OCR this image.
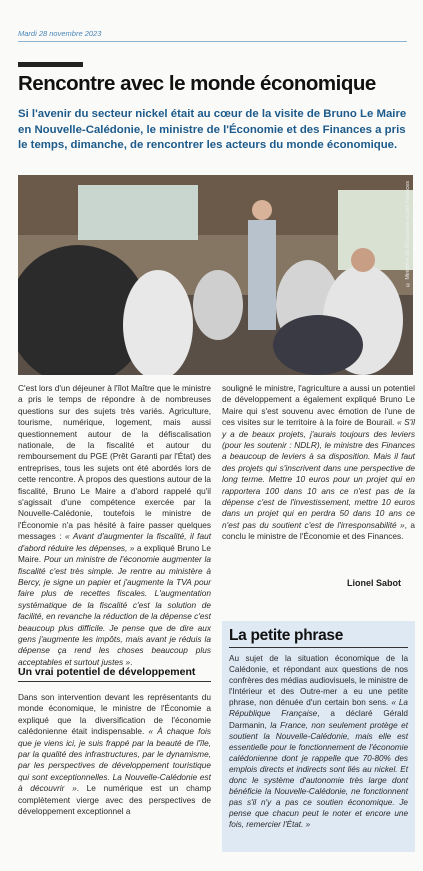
Mardi 28 novembre 2023
Rencontre avec le monde économique
Si l'avenir du secteur nickel était au cœur de la visite de Bruno Le Maire en Nouvelle-Calédonie, le ministre de l'Économie et des Finances a pris le temps, dimanche, de rencontrer les acteurs du monde économique.
© Ministère de l'Économie et des Finances

C'est lors d'un déjeuner à l'îlot Maître que le ministre a pris le temps de répondre à de nombreuses questions sur des sujets très variés. Agriculture, tourisme, numérique, logement, mais aussi questionnement autour de la défiscalisation nationale, de la fiscalité et autour du remboursement du PGE (Prêt Garanti par l'État) des entreprises, tous les sujets ont été abordés lors de cette rencontre. À propos des questions autour de la fiscalité, Bruno Le Maire a d'abord rappelé qu'il s'agissait d'une compétence exercée par la Nouvelle-Calédonie, toutefois le ministre de l'Économie n'a pas hésité à faire passer quelques messages : « Avant d'augmenter la fiscalité, il faut d'abord réduire les dépenses, » a expliqué Bruno Le Maire. Pour un ministre de l'économie augmenter la fiscalité c'est très simple. Je rentre au ministère à Bercy, je signe un papier et j'augmente la TVA pour faire plus de recettes fiscales. L'augmentation systématique de la fiscalité c'est la solution de facilité, en revanche la réduction de la dépense c'est beaucoup plus difficile. Je pense que de dire aux gens j'augmente les impôts, mais avant je réduis la dépense ça rend les choses beaucoup plus acceptables et surtout justes ».

Un vrai potentiel de développement

Dans son intervention devant les représentants du monde économique, le ministre de l'Économie a expliqué que la diversification de l'économie calédonienne était indispensable. « À chaque fois que je viens ici, je suis frappé par la beauté de l'île, par la qualité des infrastructures, par le dynamisme, par les perspectives de développement touristique qui sont exceptionnelles. La Nouvelle-Calédonie est à découvrir ». Le numérique est un champ complètement vierge avec des perspectives de développement exceptionnel a

souligné le ministre, l'agriculture a aussi un potentiel de développement a également expliqué Bruno Le Maire qui s'est souvenu avec émotion de l'une de ces visites sur le territoire à la foire de Bourail. « S'il y a de beaux projets, j'aurais toujours des leviers (pour les soutenir : NDLR), le ministre des Finances a beaucoup de leviers à sa disposition. Mais il faut des projets qui s'inscrivent dans une perspective de long terme. Mettre 10 euros pour un projet qui en rapportera 100 dans 10 ans ce n'est pas de la dépense c'est de l'investissement, mettre 10 euros dans un projet qui en perdra 50 dans 10 ans ce n'est pas du soutient c'est de l'irresponsabilité », a conclu le ministre de l'Économie et des Finances.

Lionel Sabot
La petite phrase
Au sujet de la situation économique de la Calédonie, et répondant aux questions de nos confrères des médias audiovisuels, le ministre de l'Intérieur et des Outre-mer a eu une petite phrase, non dénuée d'un certain bon sens. « La République Française, a déclaré Gérald Darmanin, la France, non seulement protège et soutient la Nouvelle-Calédonie, mais elle est essentielle pour le fonctionnement de l'économie calédonienne dont je rappelle que 70-80% des emplois directs et indirects sont liés au nickel. Et donc le système d'autonomie très large dont bénéficie la Nouvelle-Calédonie, ne fonctionnent pas s'il n'y a pas ce soutien économique. Je pense que chacun peut le noter et encore une fois, remercier l'État. »
